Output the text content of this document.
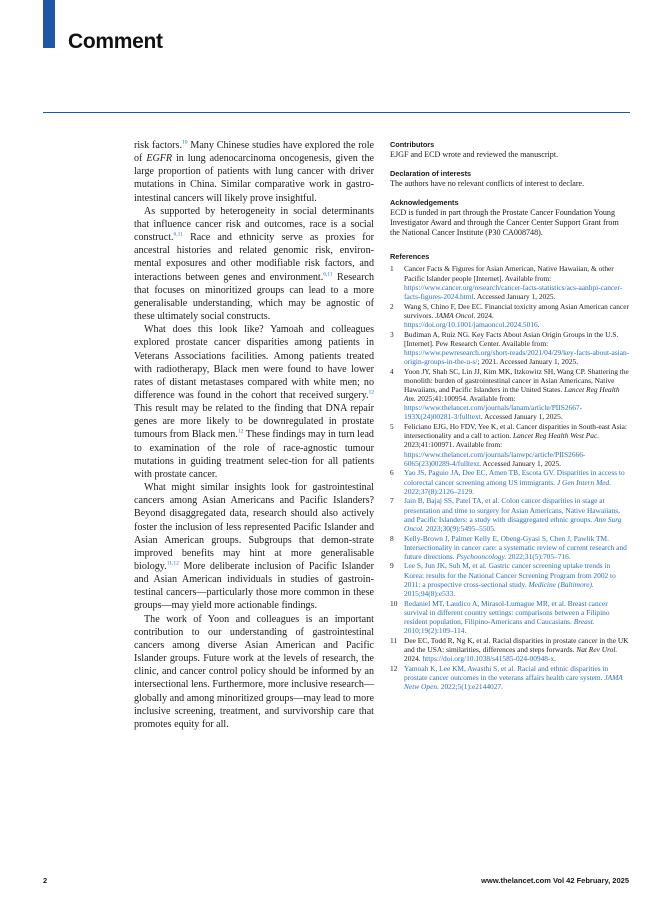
Comment

risk factors.$^{10}$ Many Chinese studies have explored the role of EGFR in lung adenocarcinoma oncogenesis, given the large proportion of patients with lung cancer with driver mutations in China. Similar comparative work in gastro-intestinal cancers will likely prove insightful.

As supported by heterogeneity in social determinants that influence cancer risk and outcomes, race is a social construct.$^{6,11}$ Race and ethnicity serve as proxies for ancestral histories and related genomic risk, environ-mental exposures and other modifiable risk factors, and interactions between genes and environment.$^{6,11}$ Research that focuses on minoritized groups can lead to a more generalisable understanding, which may be agnostic of these ultimately social constructs.

What does this look like? Yamoah and colleagues explored prostate cancer disparities among patients in Veterans Associations facilities. Among patients treated with radiotherapy, Black men were found to have lower rates of distant metastases compared with white men; no difference was found in the cohort that received surgery.$^{12}$ This result may be related to the finding that DNA repair genes are more likely to be downregulated in prostate tumours from Black men.$^{12}$ These findings may in turn lead to examination of the role of race-agnostic tumour mutations in guiding treatment selec-tion for all patients with prostate cancer.

What might similar insights look for gastrointestinal cancers among Asian Americans and Pacific Islanders? Beyond disaggregated data, research should also actively foster the inclusion of less represented Pacific Islander and Asian American groups. Subgroups that demon-strate improved benefits may hint at more generalisable biology.$^{11,12}$ More deliberate inclusion of Pacific Islander and Asian American individuals in studies of gastroin-testinal cancers—particularly those more common in these groups—may yield more actionable findings.

The work of Yoon and colleagues is an important contribution to our understanding of gastrointestinal cancers among diverse Asian American and Pacific Islander groups. Future work at the levels of research, the clinic, and cancer control policy should be informed by an intersectional lens. Furthermore, more inclusive research—globally and among minoritized groups—may lead to more inclusive screening, treatment, and survivorship care that promotes equity for all.

Contributors

EJGF and ECD wrote and reviewed the manuscript.

Declaration of interests

The authors have no relevant conflicts of interest to declare.

Acknowledgements

ECD is funded in part through the Prostate Cancer Foundation Young Investigator Award and through the Cancer Center Support Grant from the National Cancer Institute (P30 CA008748).

References
1 Cancer Facts & Figures for Asian American, Native Hawaiian, & other Pacific Islander people [Internet]. Available from: https://www.cancer.org/research/cancer-facts-statistics/acs-aanhpi-cancer-facts-figures-2024.html. Accessed January 1, 2025.
2 Wang S, Chino F, Dee EC. Financial toxicity among Asian American cancer survivors. JAMA Oncol. 2024. https://doi.org/10.1001/jamaoncol.2024.5016.
3 Budiman A, Ruiz NG. Key Facts About Asian Origin Groups in the U.S. [Internet]. Pew Research Center. Available from: https://www.pewresearch.org/short-reads/2021/04/29/key-facts-about-asian-origin-groups-in-the-u-s/; 2021. Accessed January 1, 2025.
4 Yoon JY, Shah SC, Lin JJ, Kim MK, Itzkowitz SH, Wang CP. Shattering the monolith: burden of gastrointestinal cancer in Asian Americans, Native Hawaiians, and Pacific Islanders in the United States. Lancet Reg Health Am. 2025;41:100954. Available from: https://www.thelancet.com/journals/lanam/article/PIIS2667-193X(24)00281-3/fulltext. Accessed January 1, 2025.
5 Feliciano EJG, Ho FDV, Yee K, et al. Cancer disparities in South-east Asia: intersectionality and a call to action. Lancet Reg Health West Pac. 2023;41:100971. Available from: https://www.thelancet.com/journals/lanwpc/article/PIIS2666-6065(23)00289-4/fulltext. Accessed January 1, 2025.
6 Yao JS, Paguio JA, Dee EC, Amen TB, Escota GV. Disparities in access to colorectal cancer screening among US immigrants. J Gen Intern Med. 2022;37(8):2126–2129.
7 Jain B, Bajaj SS, Patel TA, et al. Colon cancer disparities in stage at presentation and time to surgery for Asian Americans, Native Hawaiians, and Pacific Islanders: a study with disaggregated ethnic groups. Ann Surg Oncol. 2023;30(9):5495–5505.
8 Kelly-Brown J, Palmer Kelly E, Obeng-Gyasi S, Chen J, Pawlik TM. Intersectionality in cancer care: a systematic review of current research and future directions. Psychooncology. 2022;31(5):705–716.
9 Lee S, Jun JK, Suh M, et al. Gastric cancer screening uptake trends in Korea: results for the National Cancer Screening Program from 2002 to 2011: a prospective cross-sectional study. Medicine (Baltimore). 2015;94(8):e533.
10 Redaniel MT, Laudico A, Mirasol-Lumague MR, et al. Breast cancer survival in different country settings: comparisons between a Filipino resident population, Filipino-Americans and Caucasians. Breast. 2010;19(2):109–114.
11 Dee EC, Todd R, Ng K, et al. Racial disparities in prostate cancer in the UK and the USA: similarities, differences and steps forwards. Nat Rev Urol. 2024. https://doi.org/10.1038/s41585-024-00948-x.
12 Yamoah K, Lee KM, Awasthi S, et al. Racial and ethnic disparities in prostate cancer outcomes in the veterans affairs health care system. JAMA Netw Open. 2022;5(1):e2144027.
2	www.thelancet.com Vol 42 February, 2025
